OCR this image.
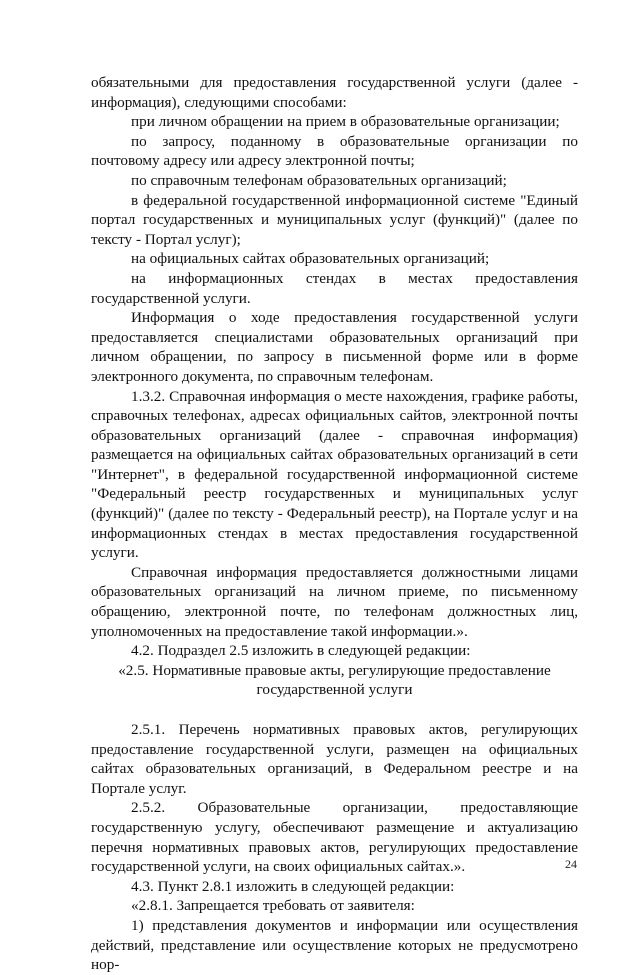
обязательными для предоставления государственной услуги (далее - информация), следующими способами:

при личном обращении на прием в образовательные организации;

по запросу, поданному в образовательные организации по почтовому адресу или адресу электронной почты;

по справочным телефонам образовательных организаций;

в федеральной государственной информационной системе "Единый портал государственных и муниципальных услуг (функций)" (далее по тексту - Портал услуг);

на официальных сайтах образовательных организаций;

на информационных стендах в местах предоставления государственной услуги.

Информация о ходе предоставления государственной услуги предоставляется специалистами образовательных организаций при личном обращении, по запросу в письменной форме или в форме электронного документа, по справочным телефонам.

1.3.2. Справочная информация о месте нахождения, графике работы, справочных телефонах, адресах официальных сайтов, электронной почты образовательных организаций (далее - справочная информация) размещается на официальных сайтах образовательных организаций в сети "Интернет", в федеральной государственной информационной системе "Федеральный реестр государственных и муниципальных услуг (функций)" (далее по тексту - Федеральный реестр), на Портале услуг и на информационных стендах в местах предоставления государственной услуги.

Справочная информация предоставляется должностными лицами образовательных организаций на личном приеме, по письменному обращению, электронной почте, по телефонам должностных лиц, уполномоченных на предоставление такой информации.».

4.2. Подраздел 2.5 изложить в следующей редакции:

«2.5. Нормативные правовые акты, регулирующие предоставление государственной услуги

2.5.1. Перечень нормативных правовых актов, регулирующих предоставление государственной услуги, размещен на официальных сайтах образовательных организаций, в Федеральном реестре и на Портале услуг.

2.5.2. Образовательные организации, предоставляющие государственную услугу, обеспечивают размещение и актуализацию перечня нормативных правовых актов, регулирующих предоставление государственной услуги, на своих официальных сайтах.».

4.3. Пункт 2.8.1 изложить в следующей редакции:

«2.8.1. Запрещается требовать от заявителя:

1) представления документов и информации или осуществления действий, представление или осуществление которых не предусмотрено нор-

24
